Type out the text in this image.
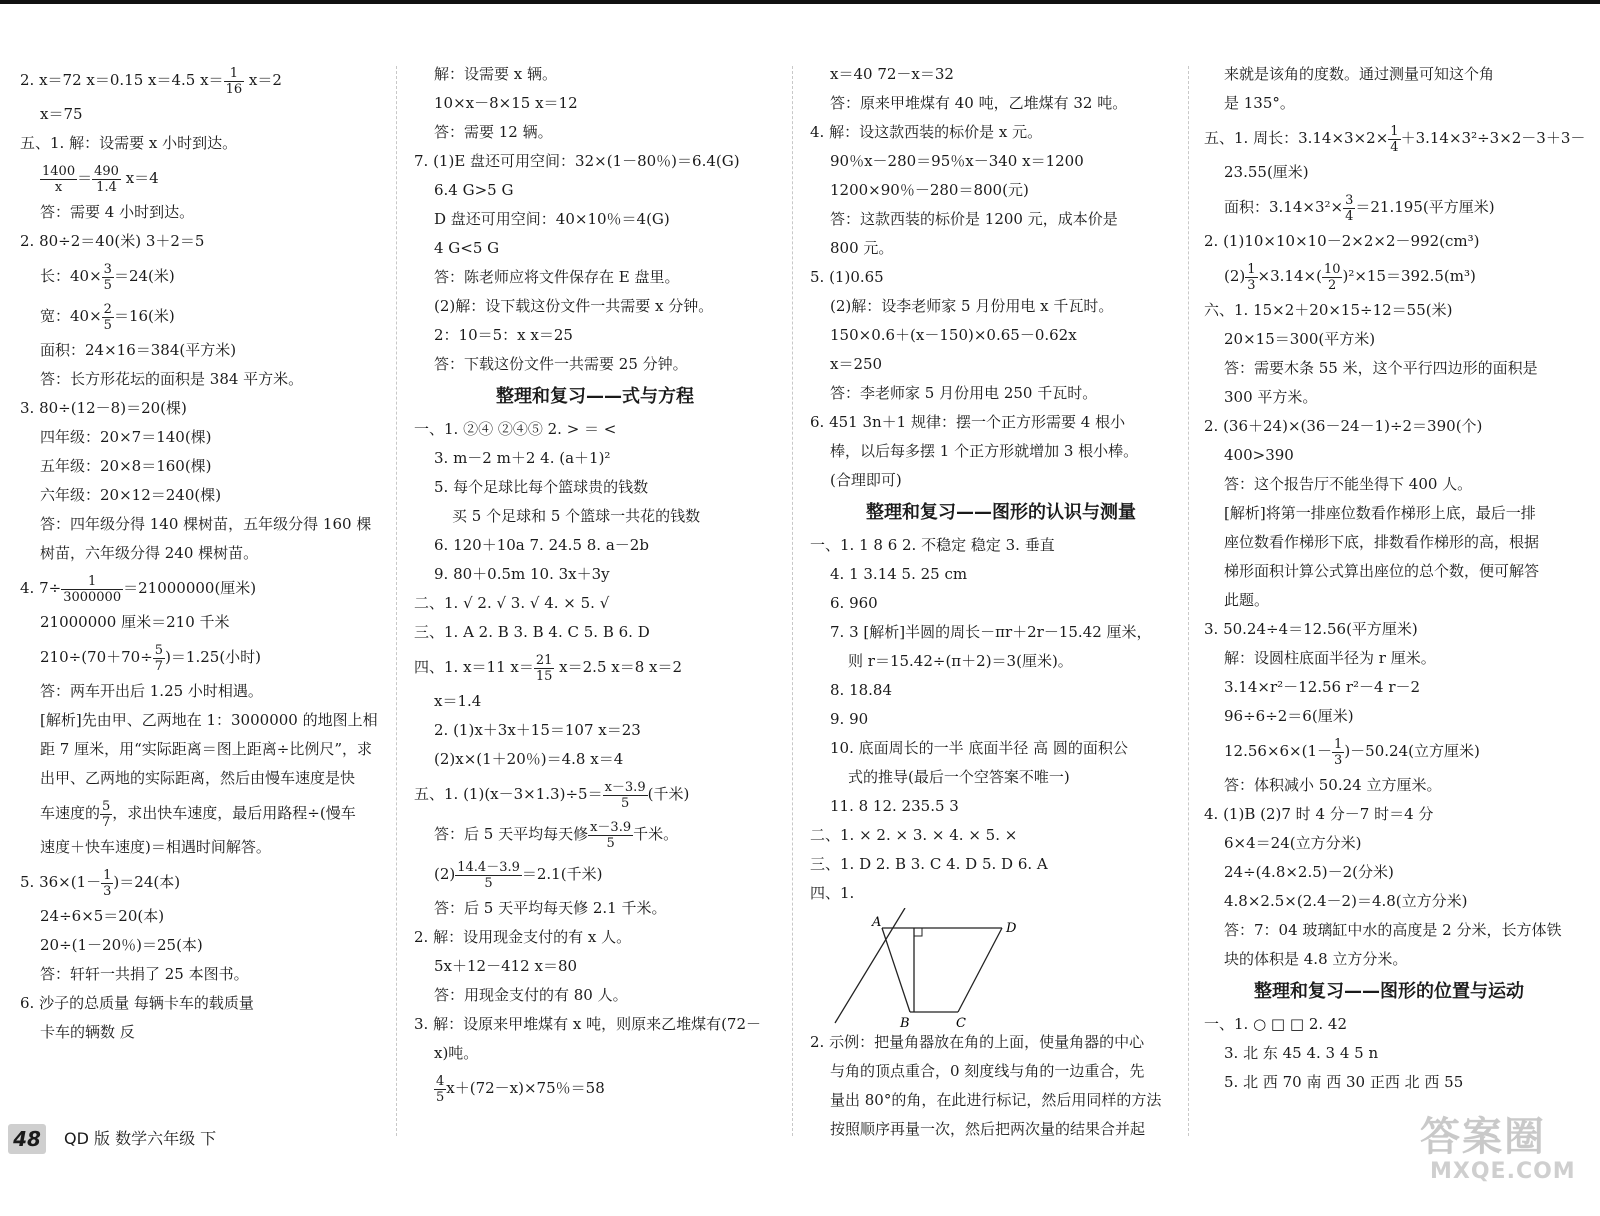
2. x＝72 x＝0.15 x＝4.5 $x= \frac{1}{16} x=2$
x＝75
五、1. 解：设需要 x 小时到达。
$\frac{1400}{x} = \frac{490}{1.4} x=4$
答：需要 4 小时到达。
2. 80÷2＝40(米) 3＋2＝5
长：$40\times \frac{3}{5} =24$(米)
宽：$40\times \frac{2}{5} =16$(米)
面积：24×16＝384(平方米)
答：长方形花坛的面积是 384 平方米。
3. 80÷(12－8)＝20(棵)
四年级：20×7＝140(棵)
五年级：20×8＝160(棵)
六年级：20×12＝240(棵)
答：四年级分得 140 棵树苗，五年级分得 160 棵
树苗，六年级分得 240 棵树苗。
4. $7\div \frac{1}{3000000} =21000000$(厘米)
21000000 厘米＝210 千米
$210\div(70+70\div \frac{5}{7} )=1.25$(小时)
答：两车开出后 1.25 小时相遇。
[解析]先由甲、乙两地在 1：3000000 的地图上相
距 7 厘米，用“实际距离＝图上距离÷比例尺”，求
出甲、乙两地的实际距离，然后由慢车速度是快
车速度的 $\frac{5}{7}$ ，求出快车速度，最后用路程÷(慢车
速度＋快车速度)＝相遇时间解答。
5. $36\times(1- \frac{1}{3} )=24$(本)
24÷6×5＝20(本)
20÷(1－20％)＝25(本)
答：轩轩一共捐了 25 本图书。
6. 沙子的总质量 每辆卡车的载质量
卡车的辆数 反
解：设需要 x 辆。
10×x－8×15 x＝12
答：需要 12 辆。
7. (1)E 盘还可用空间：32×(1－80％)＝6.4(G)
6.4 G>5 G
D 盘还可用空间：40×10％＝4(G)
4 G<5 G
答：陈老师应将文件保存在 E 盘里。
(2)解：设下载这份文件一共需要 x 分钟。
2：10＝5：x x＝25
答：下载这份文件一共需要 25 分钟。
整理和复习——式与方程
一、1. ②④ ②④⑤ 2. > ＝ <
3. m－2 m＋2 4. (a＋1)²
5. 每个足球比每个篮球贵的钱数
买 5 个足球和 5 个篮球一共花的钱数
6. 120＋10a 7. 24.5 8. a－2b
9. 80＋0.5m 10. 3x＋3y
二、1. √ 2. √ 3. √ 4. × 5. √
三、1. A 2. B 3. B 4. C 5. B 6. D
四、1. x＝11 $x= \frac{21}{15} x=2.5$ x＝8 x＝2
x＝1.4
2. (1)x＋3x＋15＝107 x＝23
(2)x×(1＋20％)＝4.8 x＝4
五、1. $(1)(x-3\times 1.3)\div 5= \frac{x-3.9}{5}$ (千米)
答：后 5 天平均每天修 $\frac{x-3.9}{5}$ 千米。
$(2) \frac{14.4-3.9}{5} =2.1$(千米)
答：后 5 天平均每天修 2.1 千米。
2. 解：设用现金支付的有 x 人。
5x＋12－412 x＝80
答：用现金支付的有 80 人。
3. 解：设原来甲堆煤有 x 吨，则原来乙堆煤有(72－
x)吨。
$\frac{4}{5} x+(72-x)\times 75$％＝58
x＝40 72－x＝32
答：原来甲堆煤有 40 吨，乙堆煤有 32 吨。
4. 解：设这款西装的标价是 x 元。
90％x－280＝95％x－340 x＝1200
1200×90％－280＝800(元)
答：这款西装的标价是 1200 元，成本价是
800 元。
5. (1)0.65
(2)解：设李老师家 5 月份用电 x 千瓦时。
150×0.6＋(x－150)×0.65－0.62x
x＝250
答：李老师家 5 月份用电 250 千瓦时。
6. 451 3n＋1 规律：摆一个正方形需要 4 根小
棒，以后每多摆 1 个正方形就增加 3 根小棒。
(合理即可)
整理和复习——图形的认识与测量
一、1. 1 8 6 2. 不稳定 稳定 3. 垂直
4. 1 3.14 5. 25 cm
6. 960
7. 3 [解析]半圆的周长－πr＋2r－15.42 厘米，
则 r＝15.42÷(π＋2)＝3(厘米)。
8. 18.84
9. 90
10. 底面周长的一半 底面半径 高 圆的面积公
式的推导(最后一个空答案不唯一)
11. 8 12. 235.5 3
二、1. × 2. × 3. × 4. × 5. ×
三、1. D 2. B 3. C 4. D 5. D 6. A
四、1.
A	D
B	C
2. 示例：把量角器放在角的上面，使量角器的中心
与角的顶点重合，0 刻度线与角的一边重合，先
量出 80°的角，在此进行标记，然后用同样的方法
按照顺序再量一次，然后把两次量的结果合并起
来就是该角的度数。通过测量可知这个角
是 135°。
五、1. 周长：$3.14\times 3\times 2\times \frac{1}{4} +3.14\times 3^2\div 3\times 2-3+3-$
23.55(厘米)
面积：$3.14\times 3^2\times \frac{3}{4} =21.195$(平方厘米)
2. (1)10×10×10－2×2×2－992(cm³)
$(2) \frac{1}{3} \times 3.14\times( \frac{10}{2} )^2\times 15=392.5(m^3)$
六、1. 15×2＋20×15÷12＝55(米)
20×15＝300(平方米)
答：需要木条 55 米，这个平行四边形的面积是
300 平方米。
2. (36＋24)×(36－24－1)÷2＝390(个)
400>390
答：这个报告厅不能坐得下 400 人。
[解析]将第一排座位数看作梯形上底，最后一排
座位数看作梯形下底，排数看作梯形的高，根据
梯形面积计算公式算出座位的总个数，便可解答
此题。
3. 50.24÷4＝12.56(平方厘米)
解：设圆柱底面半径为 r 厘米。
3.14×r²－12.56 r²－4 r－2
96÷6÷2＝6(厘米)
$12.56\times 6\times(1- \frac{1}{3} )-50.24$(立方厘米)
答：体积减小 50.24 立方厘米。
4. (1)B (2)7 时 4 分－7 时＝4 分
6×4＝24(立方分米)
24÷(4.8×2.5)－2(分米)
4.8×2.5×(2.4－2)＝4.8(立方分米)
答：7：04 玻璃缸中水的高度是 2 分米，长方体铁
块的体积是 4.8 立方分米。
整理和复习——图形的位置与运动
一、1. ○ □ □ 2. 42
3. 北 东 45 4. 3 4 5 n
5. 北 西 70 南 西 30 正西 北 西 55
48	QD 版 数学六年级 下	答案圈
MXQE.COM
